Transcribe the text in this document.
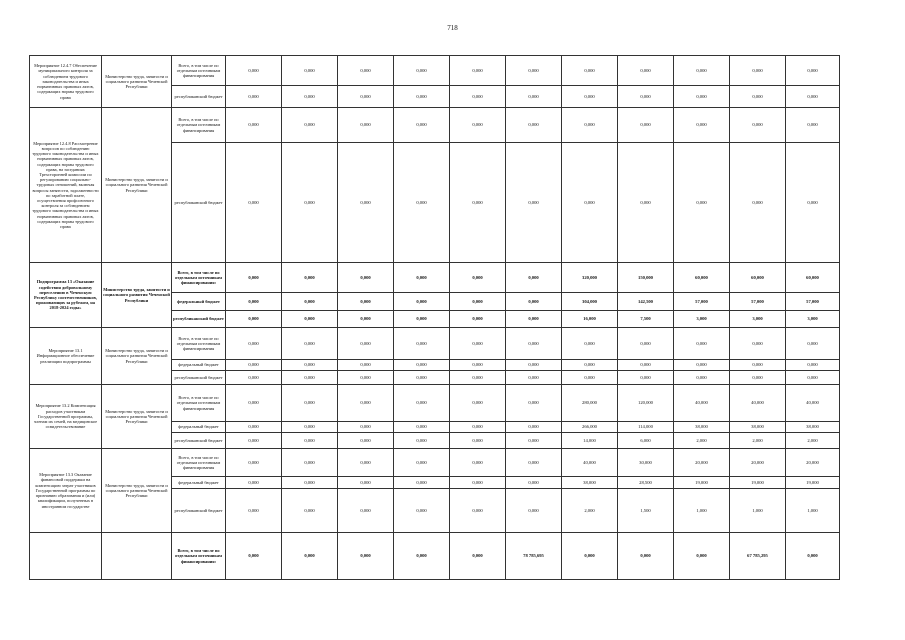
718
Мероприятие 12.4.7 Обеспечение муниципального контроля за соблюдением трудового законодательства и иных нормативных правовых актов, содержащих нормы трудового права	Министерство труда, занятости и социального развития Чеченской Республики	Всего, в том числе по отдельным источникам финансирования	0,000	0,000	0,000	0,000	0,000	0,000	0,000	0,000	0,000	0,000	0,000
		республиканский бюджет	0,000	0,000	0,000	0,000	0,000	0,000	0,000	0,000	0,000	0,000	0,000
Мероприятие 12.4.8 Рассмотрение вопросов по соблюдению трудового законодательства и иных нормативных правовых актов, содержащих нормы трудового права, на заседаниях Трехсторонней комиссии по регулированию социально-трудовых отношений, включая вопросы занятости, задолженности по заработной плате, осуществления профсоюзного контроля за соблюдением трудового законодательства и иных нормативных правовых актов, содержащих нормы трудового права	Министерство труда, занятости и социального развития Чеченской Республики	Всего, в том числе по отдельным источникам финансирования	0,000	0,000	0,000	0,000	0,000	0,000	0,000	0,000	0,000	0,000	0,000
		республиканский бюджет	0,000	0,000	0,000	0,000	0,000	0,000	0,000	0,000	0,000	0,000	0,000
Подпрограмма 13 «Оказание содействия добровольному переселению в Чеченскую Республику соотечественников, проживающих за рубежом, на 2018-2024 годы»	Министерство труда, занятости и социального развития Чеченской Республики	Всего, в том числе по отдельным источникам финансирования:	0,000	0,000	0,000	0,000	0,000	0,000	320,000	150,000	60,000	60,000	60,000
		федеральный бюджет	0,000	0,000	0,000	0,000	0,000	0,000	304,000	142,500	57,000	57,000	57,000
		республиканский бюджет	0,000	0,000	0,000	0,000	0,000	0,000	16,000	7,500	3,000	3,000	3,000
Мероприятие 13.1 Информационное обеспечение реализации подпрограммы	Министерство труда, занятости и социального развития Чеченской Республики	Всего, в том числе по отдельным источникам финансирования	0,000	0,000	0,000	0,000	0,000	0,000	0,000	0,000	0,000	0,000	0,000
		федеральный бюджет	0,000	0,000	0,000	0,000	0,000	0,000	0,000	0,000	0,000	0,000	0,000
		республиканский бюджет	0,000	0,000	0,000	0,000	0,000	0,000	0,000	0,000	0,000	0,000	0,000
Мероприятие 13.2 Компенсация расходов участникам Государственной программы, членам их семей, на медицинское освидетельствование	Министерство труда, занятости и социального развития Чеченской Республики	Всего, в том числе по отдельным источникам финансирования	0,000	0,000	0,000	0,000	0,000	0,000	280,000	120,000	40,000	40,000	40,000
		федеральный бюджет	0,000	0,000	0,000	0,000	0,000	0,000	266,000	114,000	38,000	38,000	38,000
		республиканский бюджет	0,000	0,000	0,000	0,000	0,000	0,000	14,000	6,000	2,000	2,000	2,000
Мероприятие 13.3 Оказание финансовой поддержки на компенсацию затрат участников Государственной программы по признанию образования и (или) квалификации, полученных в иностранном государстве	Министерство труда, занятости и социального развития Чеченской Республики	Всего, в том числе по отдельным источникам финансирования	0,000	0,000	0,000	0,000	0,000	0,000	40,000	30,000	20,000	20,000	20,000
		федеральный бюджет	0,000	0,000	0,000	0,000	0,000	0,000	38,000	28,500	19,000	19,000	19,000
		республиканский бюджет	0,000	0,000	0,000	0,000	0,000	0,000	2,000	1,500	1,000	1,000	1,000
		Всего, в том числе по отдельным источникам финансирования:	0,000	0,000	0,000	0,000	0,000	78 785,695	0,000	0,000	0,000	67 785,295	0,000
